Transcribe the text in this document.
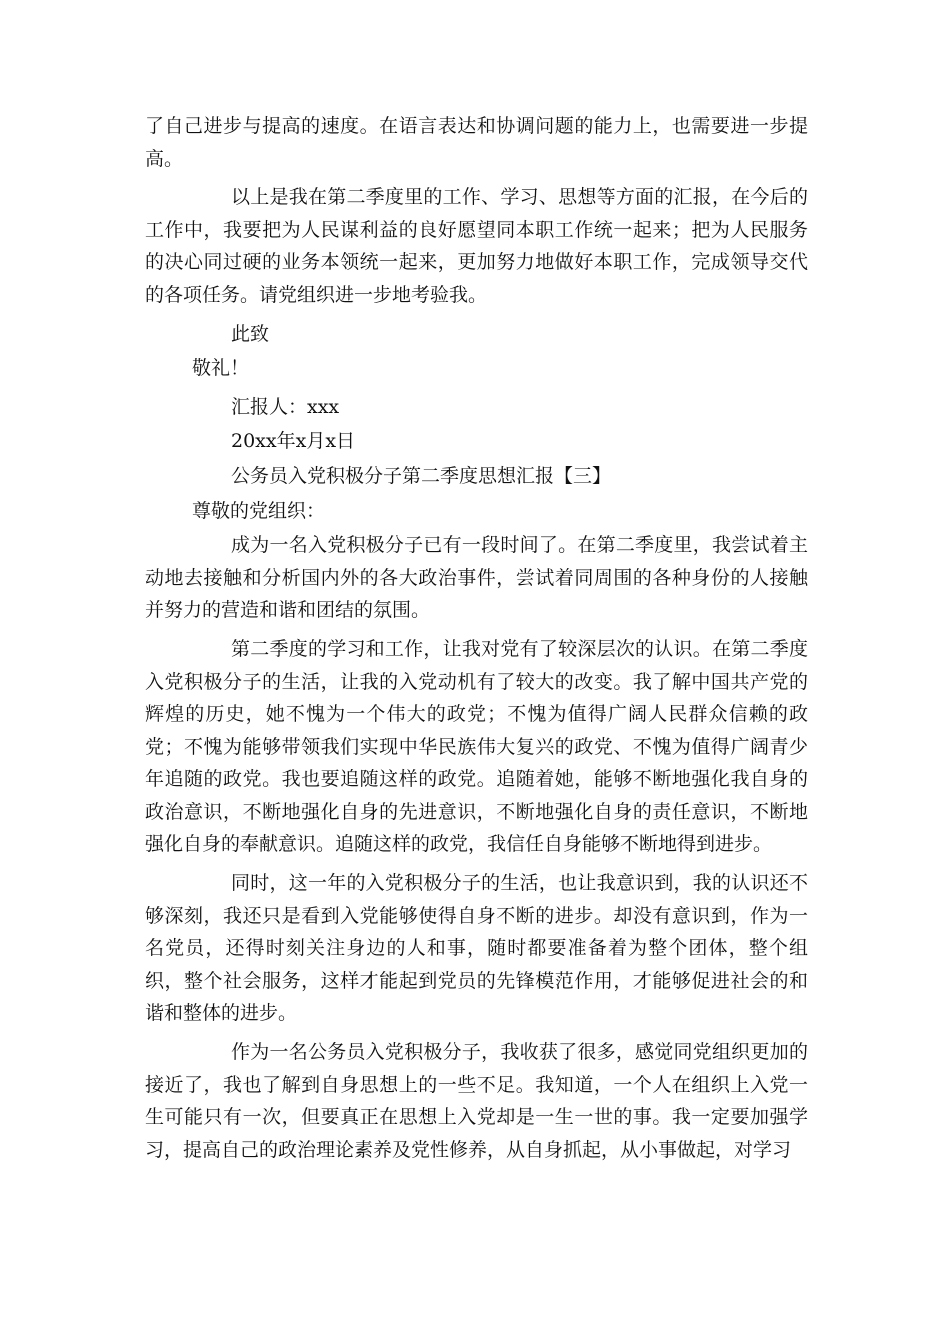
了自己进步与提高的速度。在语言表达和协调问题的能力上，也需要进一步提高。

以上是我在第二季度里的工作、学习、思想等方面的汇报，在今后的工作中，我要把为人民谋利益的良好愿望同本职工作统一起来；把为人民服务的决心同过硬的业务本领统一起来，更加努力地做好本职工作，完成领导交代的各项任务。请党组织进一步地考验我。

此致

敬礼！

汇报人：xxx

20xx年x月x日

公务员入党积极分子第二季度思想汇报【三】

尊敬的党组织：

成为一名入党积极分子已有一段时间了。在第二季度里，我尝试着主动地去接触和分析国内外的各大政治事件，尝试着同周围的各种身份的人接触并努力的营造和谐和团结的氛围。

第二季度的学习和工作，让我对党有了较深层次的认识。在第二季度入党积极分子的生活，让我的入党动机有了较大的改变。我了解中国共产党的辉煌的历史，她不愧为一个伟大的政党；不愧为值得广阔人民群众信赖的政党；不愧为能够带领我们实现中华民族伟大复兴的政党、不愧为值得广阔青少年追随的政党。我也要追随这样的政党。追随着她，能够不断地强化我自身的政治意识，不断地强化自身的先进意识，不断地强化自身的责任意识，不断地强化自身的奉献意识。追随这样的政党，我信任自身能够不断地得到进步。

同时，这一年的入党积极分子的生活，也让我意识到，我的认识还不够深刻，我还只是看到入党能够使得自身不断的进步。却没有意识到，作为一名党员，还得时刻关注身边的人和事，随时都要准备着为整个团体，整个组织，整个社会服务，这样才能起到党员的先锋模范作用，才能够促进社会的和谐和整体的进步。

作为一名公务员入党积极分子，我收获了很多，感觉同党组织更加的接近了，我也了解到自身思想上的一些不足。我知道，一个人在组织上入党一生可能只有一次，但要真正在思想上入党却是一生一世的事。我一定要加强学习，提高自己的政治理论素养及党性修养，从自身抓起，从小事做起，对学习
